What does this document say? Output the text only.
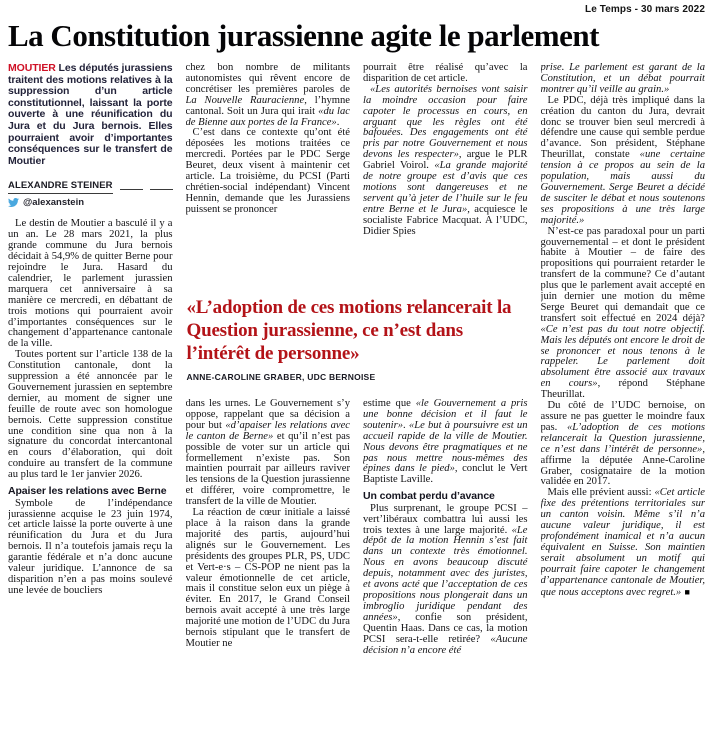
Le Temps - 30 mars 2022
La Constitution jurassienne agite le parlement

MOUTIER Les députés jurassiens traitent des motions relatives à la suppression d’un article constitutionnel, laissant la porte ouverte à une réunification du Jura et du Jura bernois. Elles pourraient avoir d’importantes conséquences sur le transfert de Moutier

ALEXANDRE STEINER
@alexanstein

Le destin de Moutier a basculé il y a un an. Le 28 mars 2021, la plus grande commune du Jura bernois décidait à 54,9% de quitter Berne pour rejoindre le Jura. Hasard du calendrier, le parlement jurassien marquera cet anniversaire à sa manière ce mercredi, en débattant de trois motions qui pourraient avoir d’importantes conséquences sur le changement d’appartenance cantonale de la ville.

Toutes portent sur l’article 138 de la Constitution cantonale, dont la suppression a été annoncée par le Gouvernement jurassien en septembre dernier, au moment de signer une feuille de route avec son homologue bernois. Cette suppression constitue une condition sine qua non à la signature du concordat intercantonal en cours d’élaboration, qui doit conduire au transfert de la commune au plus tard le 1er janvier 2026.

Apaiser les relations avec Berne

Symbole de l’indépendance jurassienne acquise le 23 juin 1974, cet article laisse la porte ouverte à une réunification du Jura et du Jura bernois. Il n’a toutefois jamais reçu la garantie fédérale et n’a donc aucune valeur juridique. L’annonce de sa disparition n’en a pas moins soulevé une levée de boucliers

chez bon nombre de militants autonomistes qui rêvent encore de concrétiser les premières paroles de La Nouvelle Rauracienne, l’hymne cantonal. Soit un Jura qui irait «du lac de Bienne aux portes de la France».

C’est dans ce contexte qu’ont été déposées les motions traitées ce mercredi. Portées par le PDC Serge Beuret, deux visent à maintenir cet article. La troisième, du PCSI (Parti chrétien-social indépendant) Vincent Hennin, demande que les Jurassiens puissent se prononcer

pourrait être réalisé qu’avec la disparition de cet article.

«Les autorités bernoises vont saisir la moindre occasion pour faire capoter le processus en cours, en arguant que les règles ont été bafouées. Des engagements ont été pris par notre Gouvernement et nous devons les respecter», argue le PLR Gabriel Voirol. «La grande majorité de notre groupe est d’avis que ces motions sont dangereuses et ne servent qu’à jeter de l’huile sur le feu entre Berne et le Jura», acquiesce le socialiste Fabrice Macquat. A l’UDC, Didier Spies

«L’adoption de ces motions relancerait la Question jurassienne, ce n’est dans l’intérêt de personne»
ANNE-CAROLINE GRABER, UDC BERNOISE

dans les urnes. Le Gouvernement s’y oppose, rappelant que sa décision a pour but «d’apaiser les relations avec le canton de Berne» et qu’il n’est pas possible de voter sur un article qui formellement n’existe pas. Son maintien pourrait par ailleurs raviver les tensions de la Question jurassienne et différer, voire compromettre, le transfert de la ville de Moutier.

La réaction de cœur initiale a laissé place à la raison dans la grande majorité des partis, aujourd’hui alignés sur le Gouvernement. Les présidents des groupes PLR, PS, UDC et Vert-e·s – CS-POP ne nient pas la valeur émotionnelle de cet article, mais il constitue selon eux un piège à éviter. En 2017, le Grand Conseil bernois avait accepté à une très large majorité une motion de l’UDC du Jura bernois stipulant que le transfert de Moutier ne

estime que «le Gouvernement a pris une bonne décision et il faut le soutenir». «Le but à poursuivre est un accueil rapide de la ville de Moutier. Nous devons être pragmatiques et ne pas nous mettre nous-mêmes des épines dans le pied», conclut le Vert Baptiste Laville.

Un combat perdu d’avance

Plus surprenant, le groupe PCSI – vert’libéraux combattra lui aussi les trois textes à une large majorité. «Le dépôt de la motion Hennin s’est fait dans un contexte très émotionnel. Nous en avons beaucoup discuté depuis, notamment avec des juristes, et avons acté que l’acceptation de ces propositions nous plongerait dans un imbroglio juridique pendant des années», confie son président, Quentin Haas. Dans ce cas, la motion PCSI sera-t-elle retirée? «Aucune décision n’a encore été

prise. Le parlement est garant de la Constitution, et un débat pourrait montrer qu’il veille au grain.»

Le PDC, déjà très impliqué dans la création du canton du Jura, devrait donc se trouver bien seul mercredi à défendre une cause qui semble perdue d’avance. Son président, Stéphane Theurillat, constate «une certaine tension à ce propos au sein de la population, mais aussi du Gouvernement. Serge Beuret a décidé de susciter le débat et nous soutenons ses propositions à une très large majorité.»

N’est-ce pas paradoxal pour un parti gouvernemental – et dont le président habite à Moutier – de faire des propositions qui pourraient retarder le transfert de la commune? Ce d’autant plus que le parlement avait accepté en juin dernier une motion du même Serge Beuret qui demandait que ce transfert soit effectué en 2024 déjà? «Ce n’est pas du tout notre objectif. Mais les députés ont encore le droit de se prononcer et nous tenons à le rappeler. Le parlement doit absolument être associé aux travaux en cours», répond Stéphane Theurillat.

Du côté de l’UDC bernoise, on assure ne pas guetter le moindre faux pas. «L’adoption de ces motions relancerait la Question jurassienne, ce n’est dans l’intérêt de personne», affirme la députée Anne-Caroline Graber, cosignataire de la motion validée en 2017.

Mais elle prévient aussi: «Cet article fixe des prétentions territoriales sur un canton voisin. Même s’il n’a aucune valeur juridique, il est profondément inamical et n’a aucun équivalent en Suisse. Son maintien serait absolument un motif qui pourrait faire capoter le changement d’appartenance cantonale de Moutier, que nous acceptons avec regret.» ■
